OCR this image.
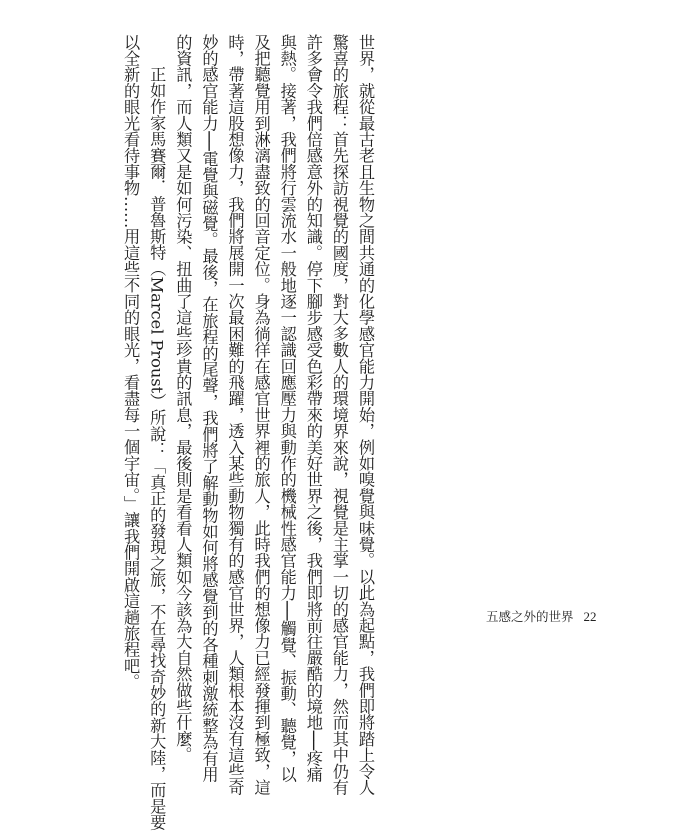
世界，就從最古老且生物之間共通的化學感官能力開始，例如嗅覺與味覺。以此為起點，我們即將踏上令人

驚喜的旅程：首先探訪視覺的國度，對大多數人的環境界來說，視覺是主掌一切的感官能力，然而其中仍有

許多會令我們倍感意外的知識。停下腳步感受色彩帶來的美好世界之後，我們即將前往嚴酷的境地──疼痛

與熱。接著，我們將行雲流水一般地逐一認識回應壓力與動作的機械性感官能力──觸覺、振動、聽覺，以

及把聽覺用到淋漓盡致的回音定位。身為徜徉在感官世界裡的旅人，此時我們的想像力已經發揮到極致，這

時，帶著這股想像力，我們將展開一次最困難的飛躍，透入某些動物獨有的感官世界，人類根本沒有這些奇

妙的感官能力──電覺與磁覺。最後，在旅程的尾聲，我們將了解動物如何將感覺到的各種刺激統整為有用

的資訊，而人類又是如何污染、扭曲了這些珍貴的訊息，最後則是看看人類如今該為大自然做些什麼。

正如作家馬賽爾．普魯斯特（Marcel Proust）所說：「真正的發現之旅，不在尋找奇妙的新大陸，而是要

以全新的眼光看待事物……用這些不同的眼光，看盡每一個宇宙。」讓我們開啟這趟旅程吧。	五感之外的世界 22
